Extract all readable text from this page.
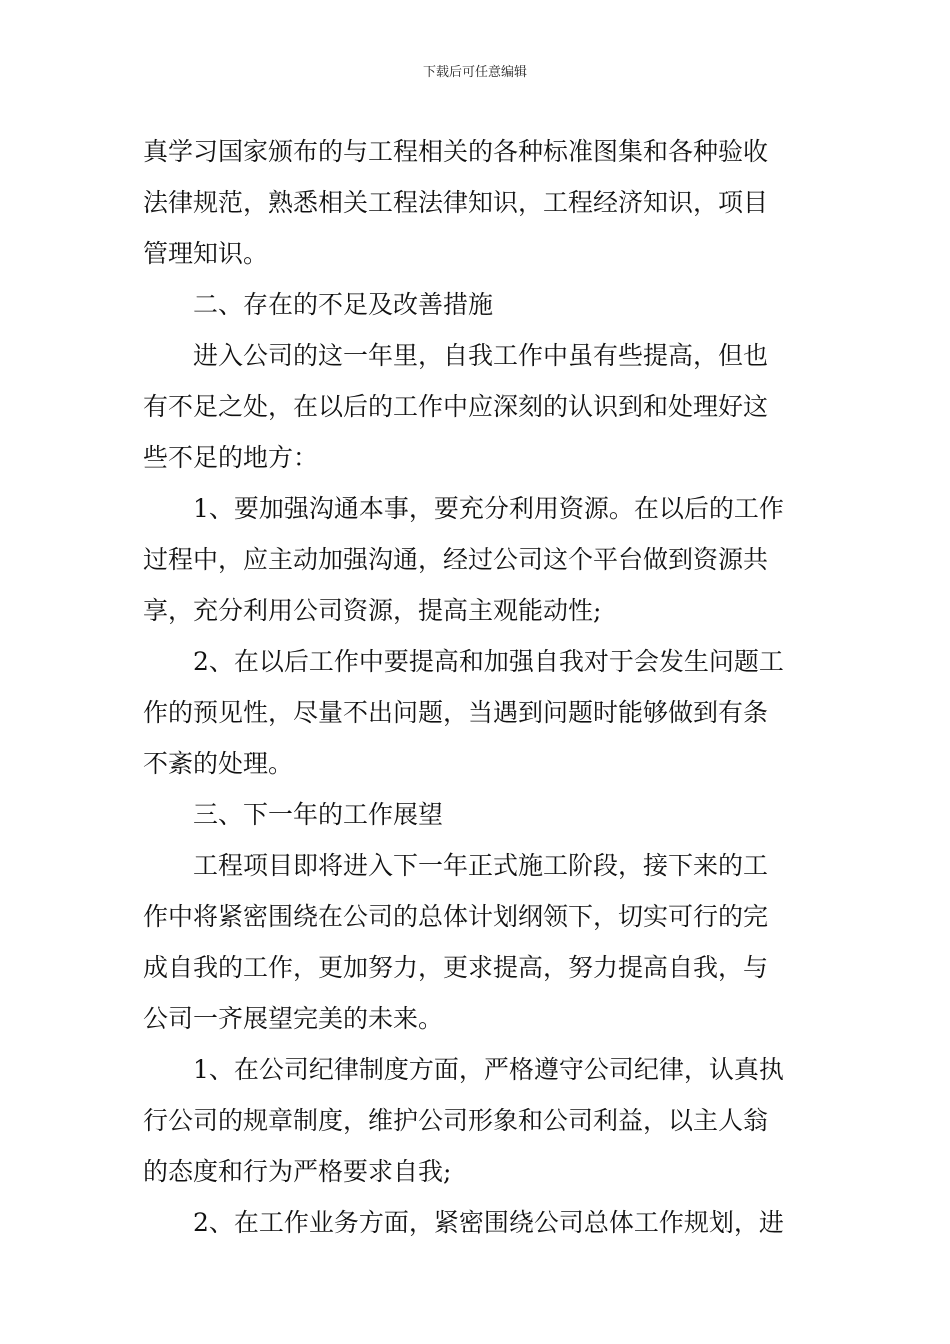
下载后可任意编辑
真学习国家颁布的与工程相关的各种标准图集和各种验收
法律规范，熟悉相关工程法律知识，工程经济知识，项目
管理知识。
二、存在的不足及改善措施
进入公司的这一年里，自我工作中虽有些提高，但也
有不足之处，在以后的工作中应深刻的认识到和处理好这
些不足的地方：
1、要加强沟通本事，要充分利用资源。在以后的工作
过程中，应主动加强沟通，经过公司这个平台做到资源共
享，充分利用公司资源，提高主观能动性;
2、在以后工作中要提高和加强自我对于会发生问题工
作的预见性，尽量不出问题，当遇到问题时能够做到有条
不紊的处理。
三、下一年的工作展望
工程项目即将进入下一年正式施工阶段，接下来的工
作中将紧密围绕在公司的总体计划纲领下，切实可行的完
成自我的工作，更加努力，更求提高，努力提高自我，与
公司一齐展望完美的未来。
1、在公司纪律制度方面，严格遵守公司纪律，认真执
行公司的规章制度，维护公司形象和公司利益，以主人翁
的态度和行为严格要求自我;
2、在工作业务方面，紧密围绕公司总体工作规划，进
